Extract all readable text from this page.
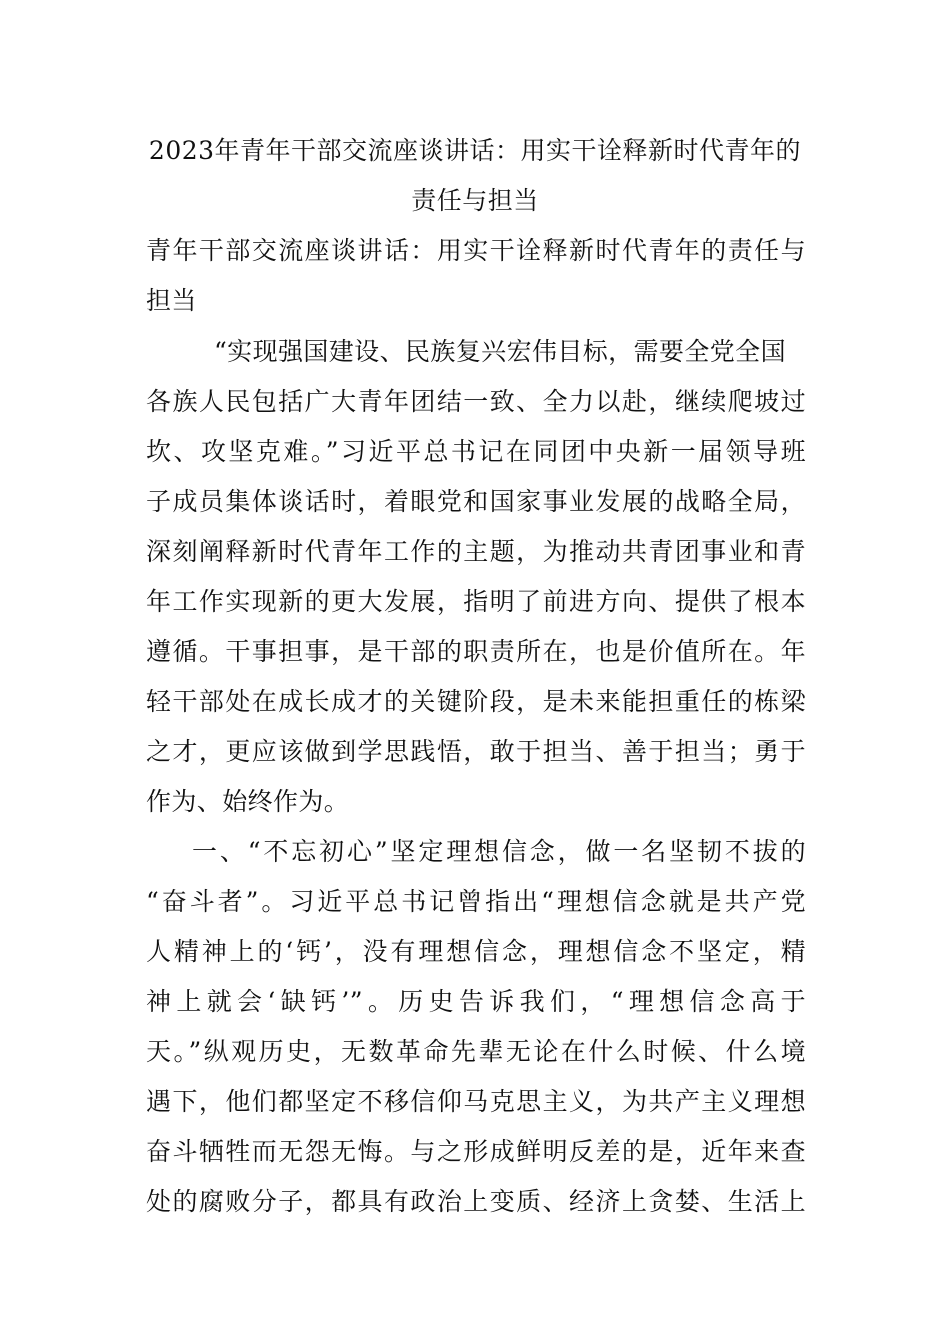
2023年青年干部交流座谈讲话：用实干诠释新时代青年的
责任与担当
青年干部交流座谈讲话：用实干诠释新时代青年的责任与
担当
“实现强国建设、民族复兴宏伟目标，需要全党全国
各族人民包括广大青年团结一致、全力以赴，继续爬坡过
坎、攻坚克难。”习近平总书记在同团中央新一届领导班
子成员集体谈话时，着眼党和国家事业发展的战略全局，
深刻阐释新时代青年工作的主题，为推动共青团事业和青
年工作实现新的更大发展，指明了前进方向、提供了根本
遵循。干事担事，是干部的职责所在，也是价值所在。年
轻干部处在成长成才的关键阶段，是未来能担重任的栋梁
之才，更应该做到学思践悟，敢于担当、善于担当；勇于
作为、始终作为。
一、“不忘初心”坚定理想信念，做一名坚韧不拔的
“奋斗者”。习近平总书记曾指出“理想信念就是共产党
人精神上的‘钙’，没有理想信念，理想信念不坚定，精
神上就会‘缺钙’”。历史告诉我们，“理想信念高于
天。”纵观历史，无数革命先辈无论在什么时候、什么境
遇下，他们都坚定不移信仰马克思主义，为共产主义理想
奋斗牺牲而无怨无悔。与之形成鲜明反差的是，近年来查
处的腐败分子，都具有政治上变质、经济上贪婪、生活上
